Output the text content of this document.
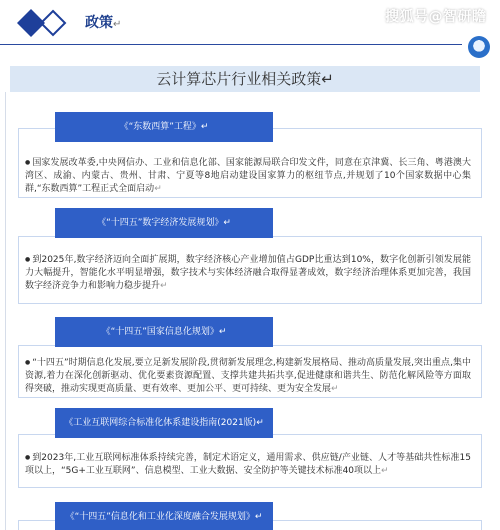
政策↵	搜狐号@智研瞻
云计算芯片行业相关政策↵
● 国家发展改革委,中央网信办、工业和信息化部、国家能源局联合印发文件，同意在京津冀、长三角、粤港澳大湾区、成渝、内蒙古、贵州、甘肃、宁夏等8地启动建设国家算力的枢纽节点,并规划了10个国家数据中心集群,“东数西算”工程正式全面启动↵
《“东数西算”工程》↵
● 到2025年,数字经济迈向全面扩展期，数字经济核心产业增加值占GDP比重达到10%，数字化创新引领发展能力大幅提升，智能化水平明显增强，数字技术与实体经济融合取得显著成效，数字经济治理体系更加完善，我国数字经济竞争力和影响力稳步提升↵
《“十四五”数字经济发展规划》↵
● “十四五”时期信息化发展,要立足新发展阶段,贯彻新发展理念,构建新发展格局、推动高质量发展,突出重点,集中资源,着力在深化创新驱动、优化要素资源配置、支撑共建共拓共享,促进健康和谐共生、防范化解风险等方面取得突破，推动实现更高质量、更有效率、更加公平、更可持续、更为安全发展↵
《“十四五”国家信息化规划》↵
● 到2023年,工业互联网标准体系持续完善，制定术语定义，通用需求、供应链/产业链、人才等基础共性标准15项以上，“5G+工业互联网”、信息模型、工业大数据、安全防护等关键技术标准40项以上↵
《工业互联网综合标准化体系建设指南(2021版)↵
《“十四五”信息化和工业化深度融合发展规划》↵
